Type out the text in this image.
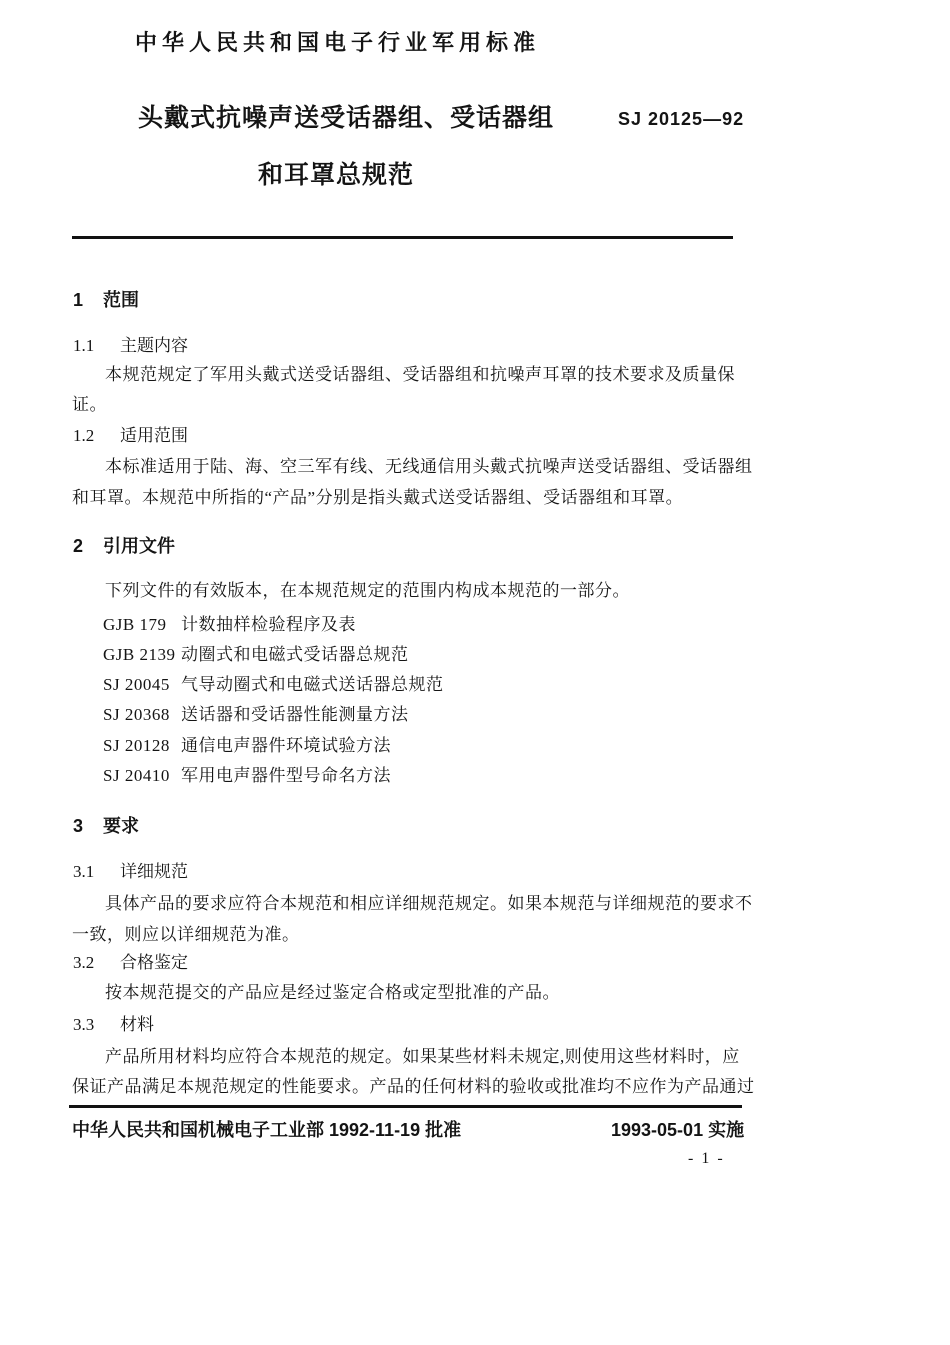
中华人民共和国电子行业军用标准
头戴式抗噪声送受话器组、受话器组	SJ 20125—92
和耳罩总规范
1 范围
1.1 主题内容
本规范规定了军用头戴式送受话器组、受话器组和抗噪声耳罩的技术要求及质量保
证。
1.2 适用范围
本标准适用于陆、海、空三军有线、无线通信用头戴式抗噪声送受话器组、受话器组
和耳罩。本规范中所指的“产品”分别是指头戴式送受话器组、受话器组和耳罩。
2 引用文件
下列文件的有效版本，在本规范规定的范围内构成本规范的一部分。
GJB 179 计数抽样检验程序及表
GJB 2139 动圈式和电磁式受话器总规范
SJ 20045 气导动圈式和电磁式送话器总规范
SJ 20368 送话器和受话器性能测量方法
SJ 20128 通信电声器件环境试验方法
SJ 20410 军用电声器件型号命名方法
3 要求
3.1 详细规范
具体产品的要求应符合本规范和相应详细规范规定。如果本规范与详细规范的要求不
一致，则应以详细规范为准。
3.2 合格鉴定
按本规范提交的产品应是经过鉴定合格或定型批准的产品。
3.3 材料
产品所用材料均应符合本规范的规定。如果某些材料未规定,则使用这些材料时，应
保证产品满足本规范规定的性能要求。产品的任何材料的验收或批准均不应作为产品通过
中华人民共和国机械电子工业部 1992-11-19 批准	1993-05-01 实施
- 1 -
